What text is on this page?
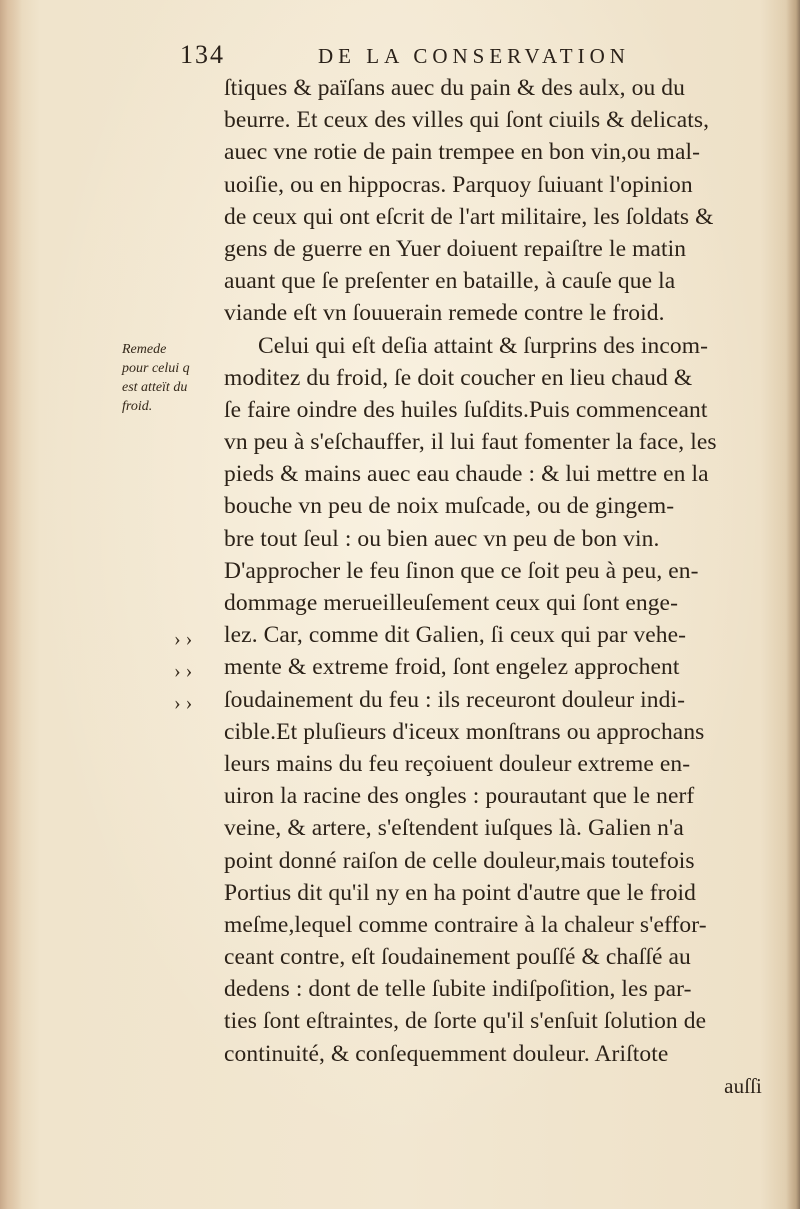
134	DE LA CONSERVATION
Remede
pour celui q
est atteït du
froid.
› ›
› ›
› ›
ſtiques & païſans auec du pain & des aulx, ou du
beurre. Et ceux des villes qui ſont ciuils & delicats,
auec vne rotie de pain trempee en bon vin,ou mal-
uoiſie, ou en hippocras. Parquoy ſuiuant l'opinion
de ceux qui ont eſcrit de l'art militaire, les ſoldats &
gens de guerre en Yuer doiuent repaiſtre le matin
auant que ſe preſenter en bataille, à cauſe que la
viande eſt vn ſouuerain remede contre le froid.
Celui qui eſt deſia attaint & ſurprins des incom-
moditez du froid, ſe doit coucher en lieu chaud &
ſe faire oindre des huiles ſuſdits.Puis commenceant
vn peu à s'eſchauffer, il lui faut fomenter la face, les
pieds & mains auec eau chaude : & lui mettre en la
bouche vn peu de noix muſcade, ou de gingem-
bre tout ſeul : ou bien auec vn peu de bon vin.
D'approcher le feu ſinon que ce ſoit peu à peu, en-
dommage merueilleuſement ceux qui ſont enge-
lez. Car, comme dit Galien, ſi ceux qui par vehe-
mente & extreme froid, ſont engelez approchent
ſoudainement du feu : ils receuront douleur indi-
cible.Et pluſieurs d'iceux monſtrans ou approchans
leurs mains du feu reçoiuent douleur extreme en-
uiron la racine des ongles : pourautant que le nerf
veine, & artere, s'eſtendent iuſques là. Galien n'a
point donné raiſon de celle douleur,mais toutefois
Portius dit qu'il ny en ha point d'autre que le froid
meſme,lequel comme contraire à la chaleur s'effor-
ceant contre, eſt ſoudainement pouſſé & chaſſé au
dedens : dont de telle ſubite indiſpoſition, les par-
ties ſont eſtraintes, de ſorte qu'il s'enſuit ſolution de
continuité, & conſequemment douleur. Ariſtote
auſſi
